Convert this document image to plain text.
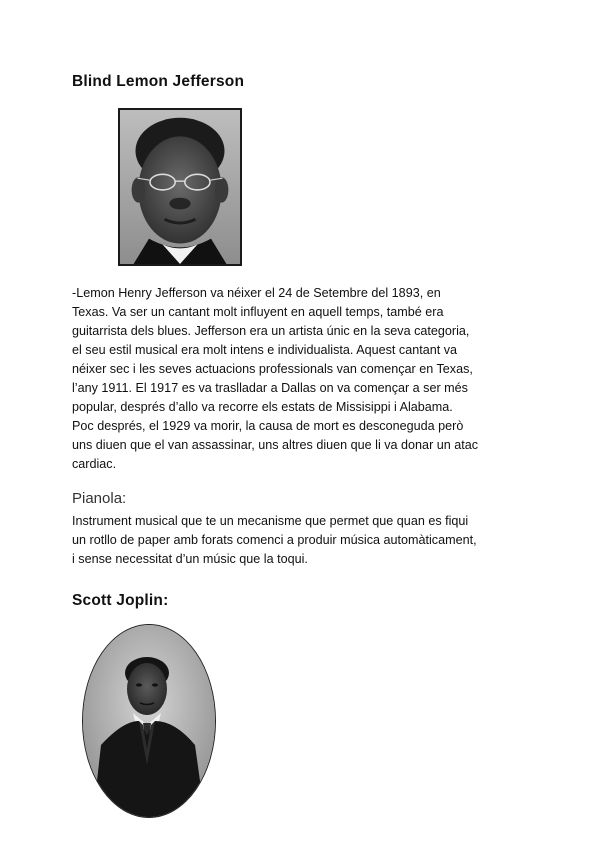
Blind Lemon Jefferson

-Lemon Henry Jefferson va néixer el 24 de Setembre del 1893, en
Texas. Va ser un cantant molt influyent en aquell temps, també era
guitarrista dels blues. Jefferson era un artista únic en la seva categoria,
el seu estil musical era molt intens e individualista. Aquest cantant va
néixer sec i les seves actuacions professionals van començar en Texas,
l’any 1911. El 1917 es va traslladar a Dallas on va començar a ser més
popular, després d’allo va recorre els estats de Missisippi i Alabama.
Poc després, el 1929 va morir, la causa de mort es desconeguda però
uns diuen que el van assassinar, uns altres diuen que li va donar un atac
cardiac.

Pianola:

Instrument musical que te un mecanisme que permet que quan es fiqui
un rotllo de paper amb forats comenci a produir música automàticament,
i sense necessitat d’un músic que la toqui.

Scott Joplin:
